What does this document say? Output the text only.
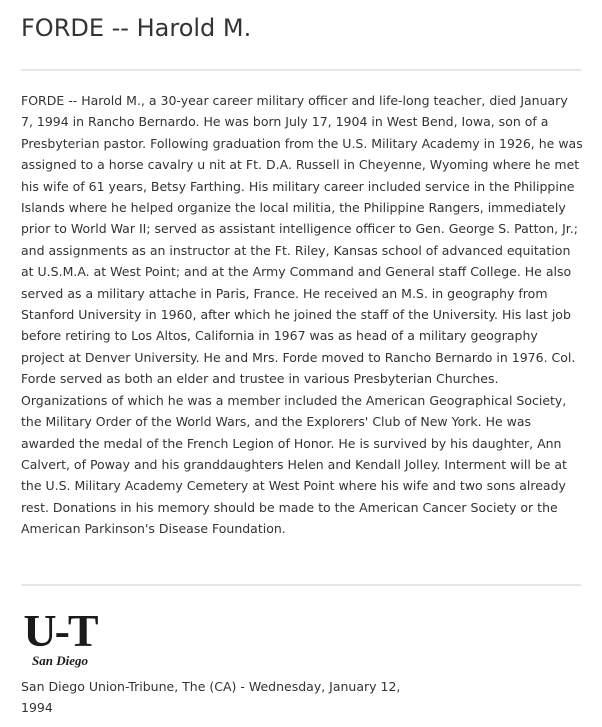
FORDE -- Harold M.

FORDE -- Harold M., a 30-year career military officer and life-long teacher, died January 7, 1994 in Rancho Bernardo. He was born July 17, 1904 in West Bend, Iowa, son of a Presbyterian pastor. Following graduation from the U.S. Military Academy in 1926, he was assigned to a horse cavalry u nit at Ft. D.A. Russell in Cheyenne, Wyoming where he met his wife of 61 years, Betsy Farthing. His military career included service in the Philippine Islands where he helped organize the local militia, the Philippine Rangers, immediately prior to World War II; served as assistant intelligence officer to Gen. George S. Patton, Jr.; and assignments as an instructor at the Ft. Riley, Kansas school of advanced equitation at U.S.M.A. at West Point; and at the Army Command and General staff College. He also served as a military attache in Paris, France. He received an M.S. in geography from Stanford University in 1960, after which he joined the staff of the University. His last job before retiring to Los Altos, California in 1967 was as head of a military geography project at Denver University. He and Mrs. Forde moved to Rancho Bernardo in 1976. Col. Forde served as both an elder and trustee in various Presbyterian Churches. Organizations of which he was a member included the American Geographical Society, the Military Order of the World Wars, and the Explorers' Club of New York. He was awarded the medal of the French Legion of Honor. He is survived by his daughter, Ann Calvert, of Poway and his granddaughters Helen and Kendall Jolley. Interment will be at the U.S. Military Academy Cemetery at West Point where his wife and two sons already rest. Donations in his memory should be made to the American Cancer Society or the American Parkinson's Disease Foundation.

U-T
San Diego

San Diego Union-Tribune, The (CA) - Wednesday, January 12, 1994
